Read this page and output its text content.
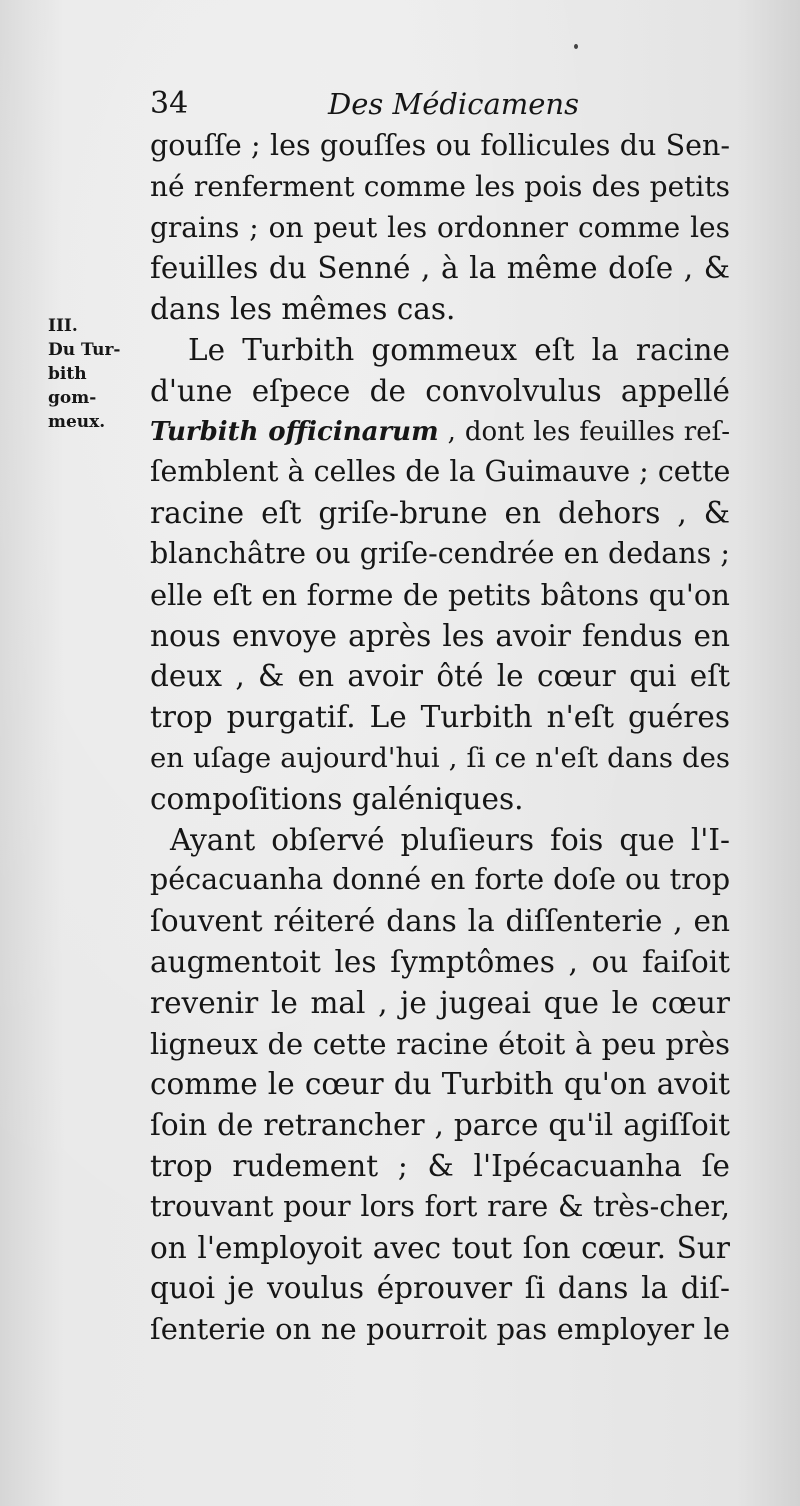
34	Des Médicamens
III.
Du Tur-
bith
gom-
meux.
gouſſe ; les gouſſes ou follicules du Sen-
né renferment comme les pois des petits
grains ; on peut les ordonner comme les
feuilles du Senné , à la même doſe , &
dans les mêmes cas.
Le Turbith gommeux eſt la racine
d'une eſpece de convolvulus appellé
Turbith officinarum , dont les feuilles reſ-
ſemblent à celles de la Guimauve ; cette
racine eſt griſe-brune en dehors , &
blanchâtre ou griſe-cendrée en dedans ;
elle eſt en forme de petits bâtons qu'on
nous envoye après les avoir fendus en
deux , & en avoir ôté le cœur qui eſt
trop purgatif. Le Turbith n'eſt guéres
en uſage aujourd'hui , ſi ce n'eſt dans des
compoſitions galéniques.
Ayant obſervé pluſieurs fois que l'I-
pécacuanha donné en forte doſe ou trop
ſouvent réiteré dans la diſſenterie , en
augmentoit les ſymptômes , ou faiſoit
revenir le mal , je jugeai que le cœur
ligneux de cette racine étoit à peu près
comme le cœur du Turbith qu'on avoit
ſoin de retrancher , parce qu'il agiſſoit
trop rudement ; & l'Ipécacuanha ſe
trouvant pour lors fort rare & très-cher,
on l'employoit avec tout ſon cœur. Sur
quoi je voulus éprouver ſi dans la diſ-
ſenterie on ne pourroit pas employer le
